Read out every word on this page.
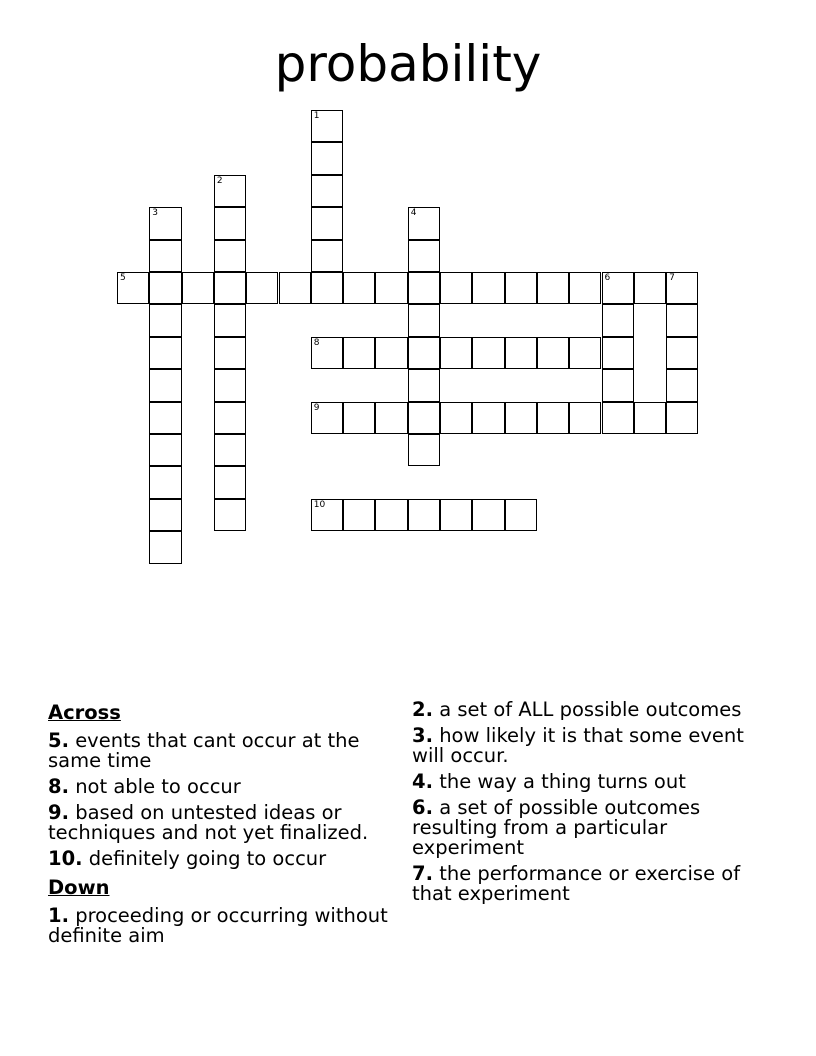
probability
1
2
3	4
5	6	7
8
9
10
Across
5. events that cant occur at the same time
8. not able to occur
9. based on untested ideas or techniques and not yet finalized.
10. definitely going to occur
Down
1. proceeding or occurring without definite aim
2. a set of ALL possible outcomes
3. how likely it is that some event will occur.
4. the way a thing turns out
6. a set of possible outcomes resulting from a particular experiment
7. the performance or exercise of that experiment
